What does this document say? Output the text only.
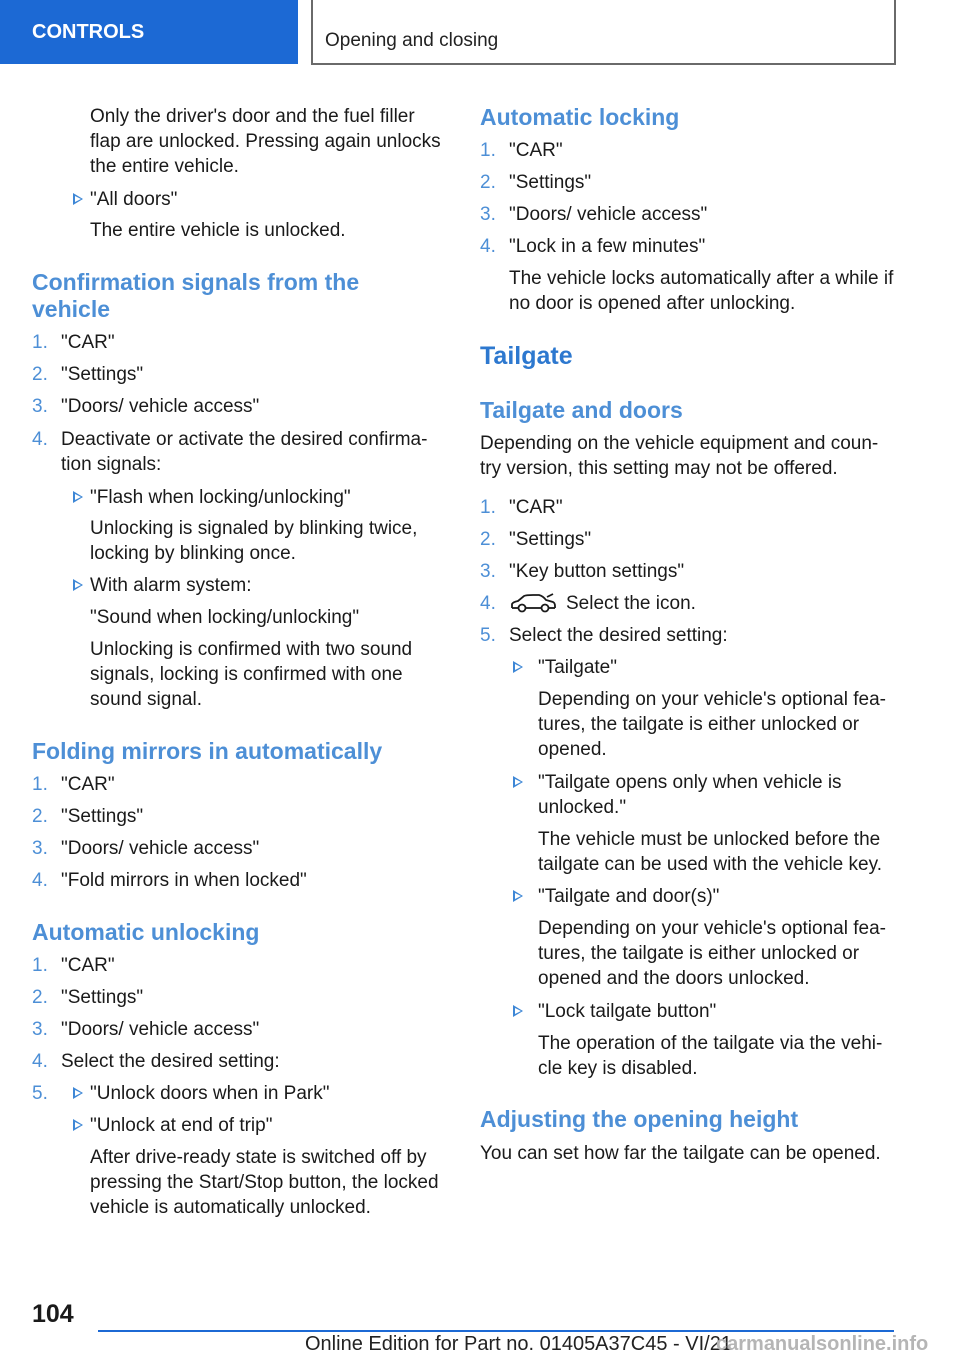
CONTROLS	Opening and closing
Only the driver's door and the fuel filler
flap are unlocked. Pressing again unlocks
the entire vehicle.
"All doors"
The entire vehicle is unlocked.
Confirmation signals from the
vehicle
1. "CAR"
2. "Settings"
3. "Doors/ vehicle access"
4. Deactivate or activate the desired confirma-
tion signals:
"Flash when locking/unlocking"
Unlocking is signaled by blinking twice,
locking by blinking once.
With alarm system:
"Sound when locking/unlocking"
Unlocking is confirmed with two sound
signals, locking is confirmed with one
sound signal.
Folding mirrors in automatically
1. "CAR"
2. "Settings"
3. "Doors/ vehicle access"
4. "Fold mirrors in when locked"
Automatic unlocking
1. "CAR"
2. "Settings"
3. "Doors/ vehicle access"
4. Select the desired setting:
5. "Unlock doors when in Park"
"Unlock at end of trip"
After drive-ready state is switched off by
pressing the Start/Stop button, the locked
vehicle is automatically unlocked.
Automatic locking
1. "CAR"
2. "Settings"
3. "Doors/ vehicle access"
4. "Lock in a few minutes"
The vehicle locks automatically after a while if
no door is opened after unlocking.
Tailgate
Tailgate and doors
Depending on the vehicle equipment and coun-
try version, this setting may not be offered.
1. "CAR"
2. "Settings"
3. "Key button settings"
4.	Select the icon.
5. Select the desired setting:
"Tailgate"
Depending on your vehicle's optional fea-
tures, the tailgate is either unlocked or
opened.
"Tailgate opens only when vehicle is
unlocked."
The vehicle must be unlocked before the
tailgate can be used with the vehicle key.
"Tailgate and door(s)"
Depending on your vehicle's optional fea-
tures, the tailgate is either unlocked or
opened and the doors unlocked.
"Lock tailgate button"
The operation of the tailgate via the vehi-
cle key is disabled.
Adjusting the opening height
You can set how far the tailgate can be opened.
104
Online Edition for Part no. 01405A37C45 - VI/21
carmanualsonline.info
